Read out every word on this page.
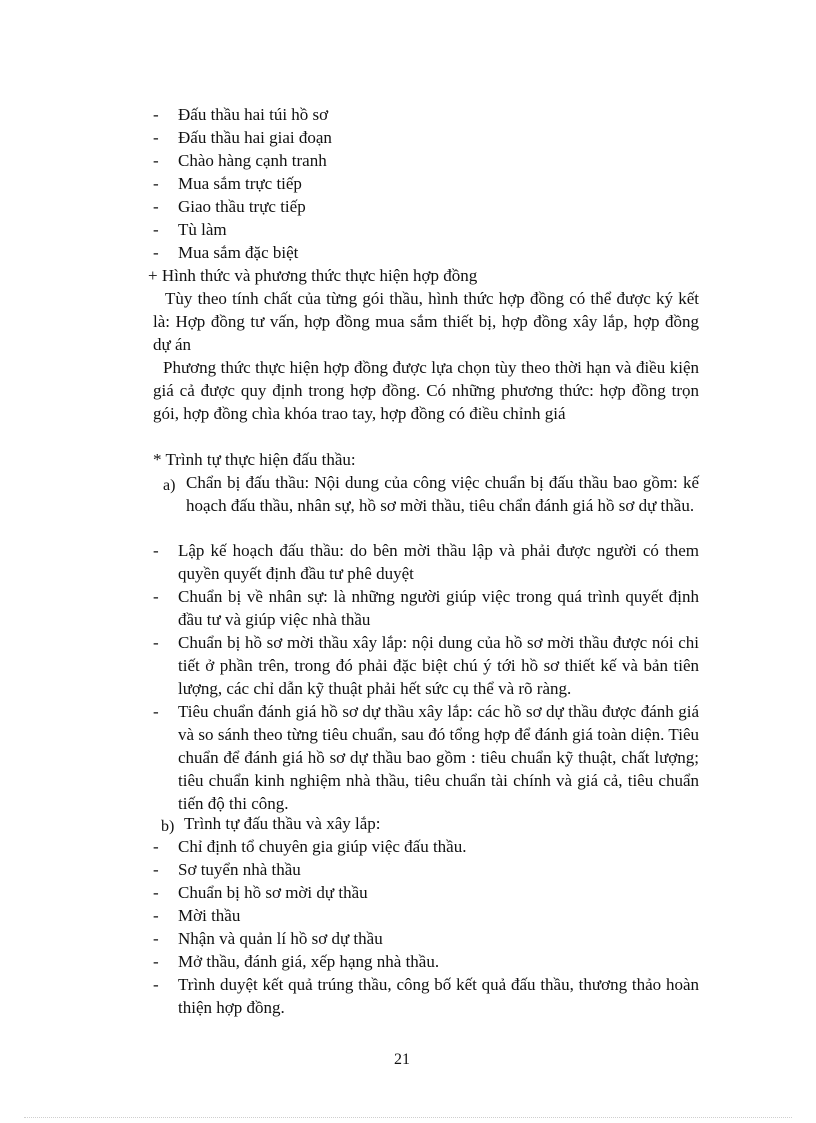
- Đấu thầu hai túi hồ sơ
- Đấu thầu hai giai đoạn
- Chào hàng cạnh tranh
- Mua sắm trực tiếp
- Giao thầu trực tiếp
- Tù làm
- Mua sắm đặc biệt
+ Hình thức và phương thức thực hiện hợp đồng
Tùy theo tính chất của từng gói thầu, hình thức hợp đồng có thể được ký kết là: Hợp đồng tư vấn, hợp đồng mua sắm thiết bị, hợp đồng xây lắp, hợp đồng dự án
Phương thức thực hiện hợp đồng được lựa chọn tùy theo thời hạn và điều kiện giá cả được quy định trong hợp đồng. Có những phương thức: hợp đồng trọn gói, hợp đồng chìa khóa trao tay, hợp đồng có điều chỉnh giá
* Trình tự thực hiện đấu thầu:
a) Chẩn bị đấu thầu: Nội dung của công việc chuẩn bị đấu thầu bao gồm: kế hoạch đấu thầu, nhân sự, hồ sơ mời thầu, tiêu chẩn đánh giá hồ sơ dự thầu.
- Lập kế hoạch đấu thầu: do bên mời thầu lập và phải được người có them quyền quyết định đầu tư phê duyệt
- Chuẩn bị về nhân sự: là những người giúp việc trong quá trình quyết định đầu tư và giúp việc nhà thầu
- Chuẩn bị hồ sơ mời thầu xây lắp: nội dung của hồ sơ mời thầu được nói chi tiết ở phần trên, trong đó phải đặc biệt chú ý tới hồ sơ thiết kế và bản tiên lượng, các chỉ dẫn kỹ thuật phải hết sức cụ thể và rõ ràng.
- Tiêu chuẩn đánh giá hồ sơ dự thầu xây lắp: các hồ sơ dự thầu được đánh giá và so sánh theo từng tiêu chuẩn, sau đó tổng hợp để đánh giá toàn diện. Tiêu chuẩn để đánh giá hồ sơ dự thầu bao gồm : tiêu chuẩn kỹ thuật, chất lượng; tiêu chuẩn kinh nghiệm nhà thầu, tiêu chuẩn tài chính và giá cả, tiêu chuẩn tiến độ thi công.
b) Trình tự đấu thầu và xây lắp:
- Chỉ định tổ chuyên gia giúp việc đấu thầu.
- Sơ tuyển nhà thầu
- Chuẩn bị hồ sơ mời dự thầu
- Mời thầu
- Nhận và quản lí hồ sơ dự thầu
- Mở thầu, đánh giá, xếp hạng nhà thầu.
- Trình duyệt kết quả trúng thầu, công bố kết quả đấu thầu, thương thảo hoàn thiện hợp đồng.
21
